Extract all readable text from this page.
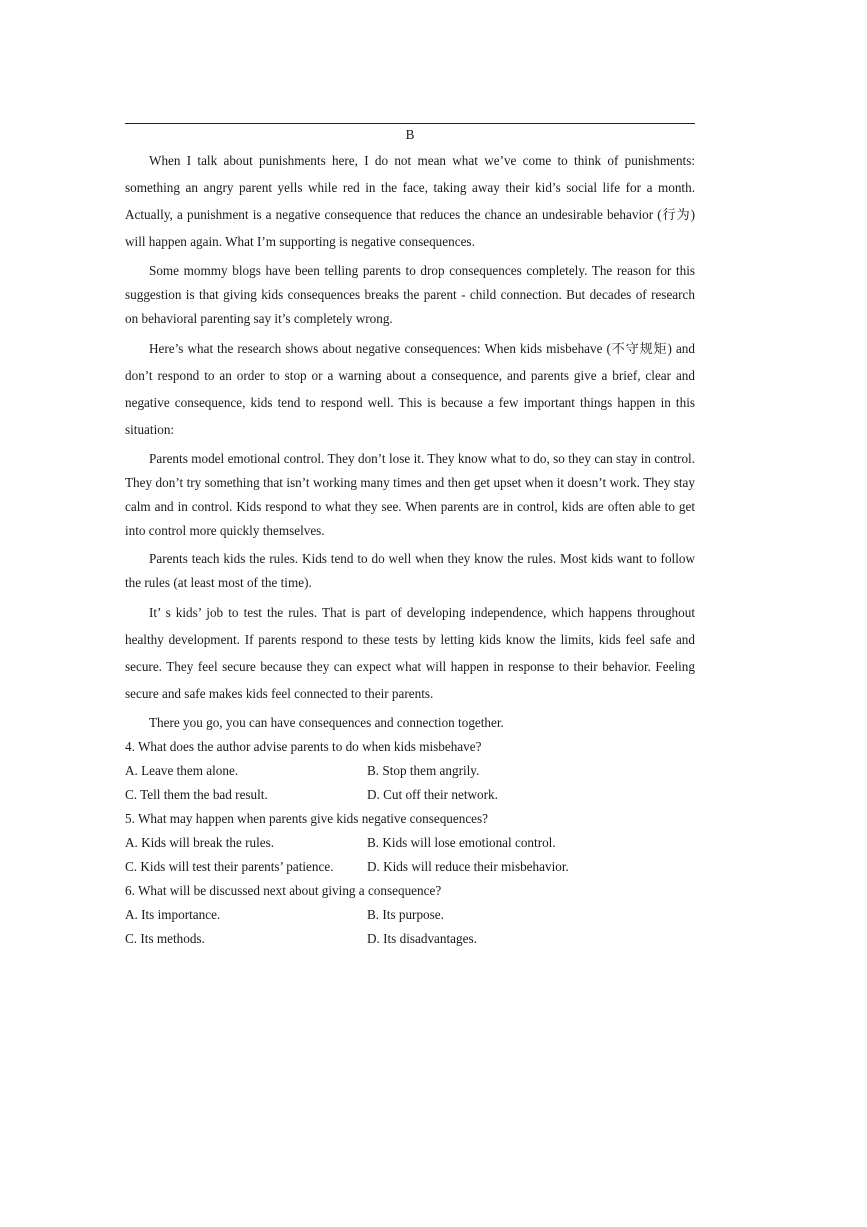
B

When I talk about punishments here, I do not mean what we’ve come to think of punishments: something an angry parent yells while red in the face, taking away their kid’s social life for a month. Actually, a punishment is a negative consequence that reduces the chance an undesirable behavior (行为) will happen again. What I’m supporting is negative consequences.

Some mommy blogs have been telling parents to drop consequences completely. The reason for this suggestion is that giving kids consequences breaks the parent - child connection. But decades of research on behavioral parenting say it’s completely wrong.

Here’s what the research shows about negative consequences: When kids misbehave (不守规矩) and don’t respond to an order to stop or a warning about a consequence, and parents give a brief, clear and negative consequence, kids tend to respond well. This is because a few important things happen in this situation:

Parents model emotional control. They don’t lose it. They know what to do, so they can stay in control. They don’t try something that isn’t working many times and then get upset when it doesn’t work. They stay calm and in control. Kids respond to what they see. When parents are in control, kids are often able to get into control more quickly themselves.

Parents teach kids the rules. Kids tend to do well when they know the rules. Most kids want to follow the rules (at least most of the time).

It’ s kids’ job to test the rules. That is part of developing independence, which happens throughout healthy development. If parents respond to these tests by letting kids know the limits, kids feel safe and secure. They feel secure because they can expect what will happen in response to their behavior. Feeling secure and safe makes kids feel connected to their parents.

There you go, you can have consequences and connection together.

4. What does the author advise parents to do when kids misbehave?

A. Leave them alone.	B. Stop them angrily.
C. Tell them the bad result.	D. Cut off their network.

5. What may happen when parents give kids negative consequences?

A. Kids will break the rules.	B. Kids will lose emotional control.
C. Kids will test their parents’ patience.	D. Kids will reduce their misbehavior.

6. What will be discussed next about giving a consequence?

A. Its importance.	B. Its purpose.
C. Its methods.	D. Its disadvantages.
